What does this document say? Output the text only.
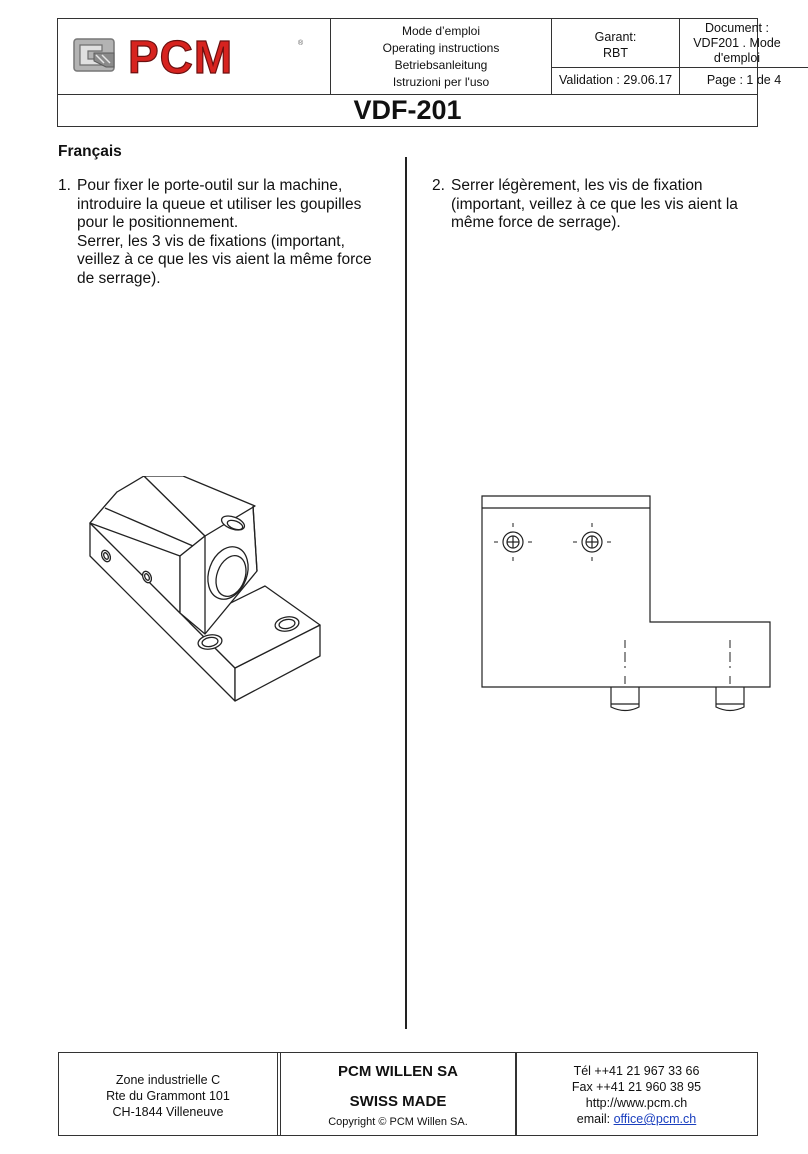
PCM	®
Mode d’emploi
Operating instructions
Betriebsanleitung
Istruzioni per l'uso
Garant:
RBT
Validation : 29.06.17
Document :
VDF201 . Mode
d'emploi
Page : 1 de 4
VDF-201
Français
1. Pour fixer le porte-outil sur la machine,
introduire la queue et utiliser les goupilles
pour le positionnement.
Serrer, les 3 vis de fixations (important,
veillez à ce que les vis aient la même force
de serrage).
2. Serrer légèrement, les vis de fixation
(important, veillez à ce que les vis aient la
même force de serrage).
Zone industrielle C
Rte du Grammont 101
CH-1844 Villeneuve
PCM WILLEN SA
SWISS MADE
Copyright © PCM Willen SA.
Tél ++41 21 967 33 66
Fax ++41 21 960 38 95
http://www.pcm.ch
email: office@pcm.ch
